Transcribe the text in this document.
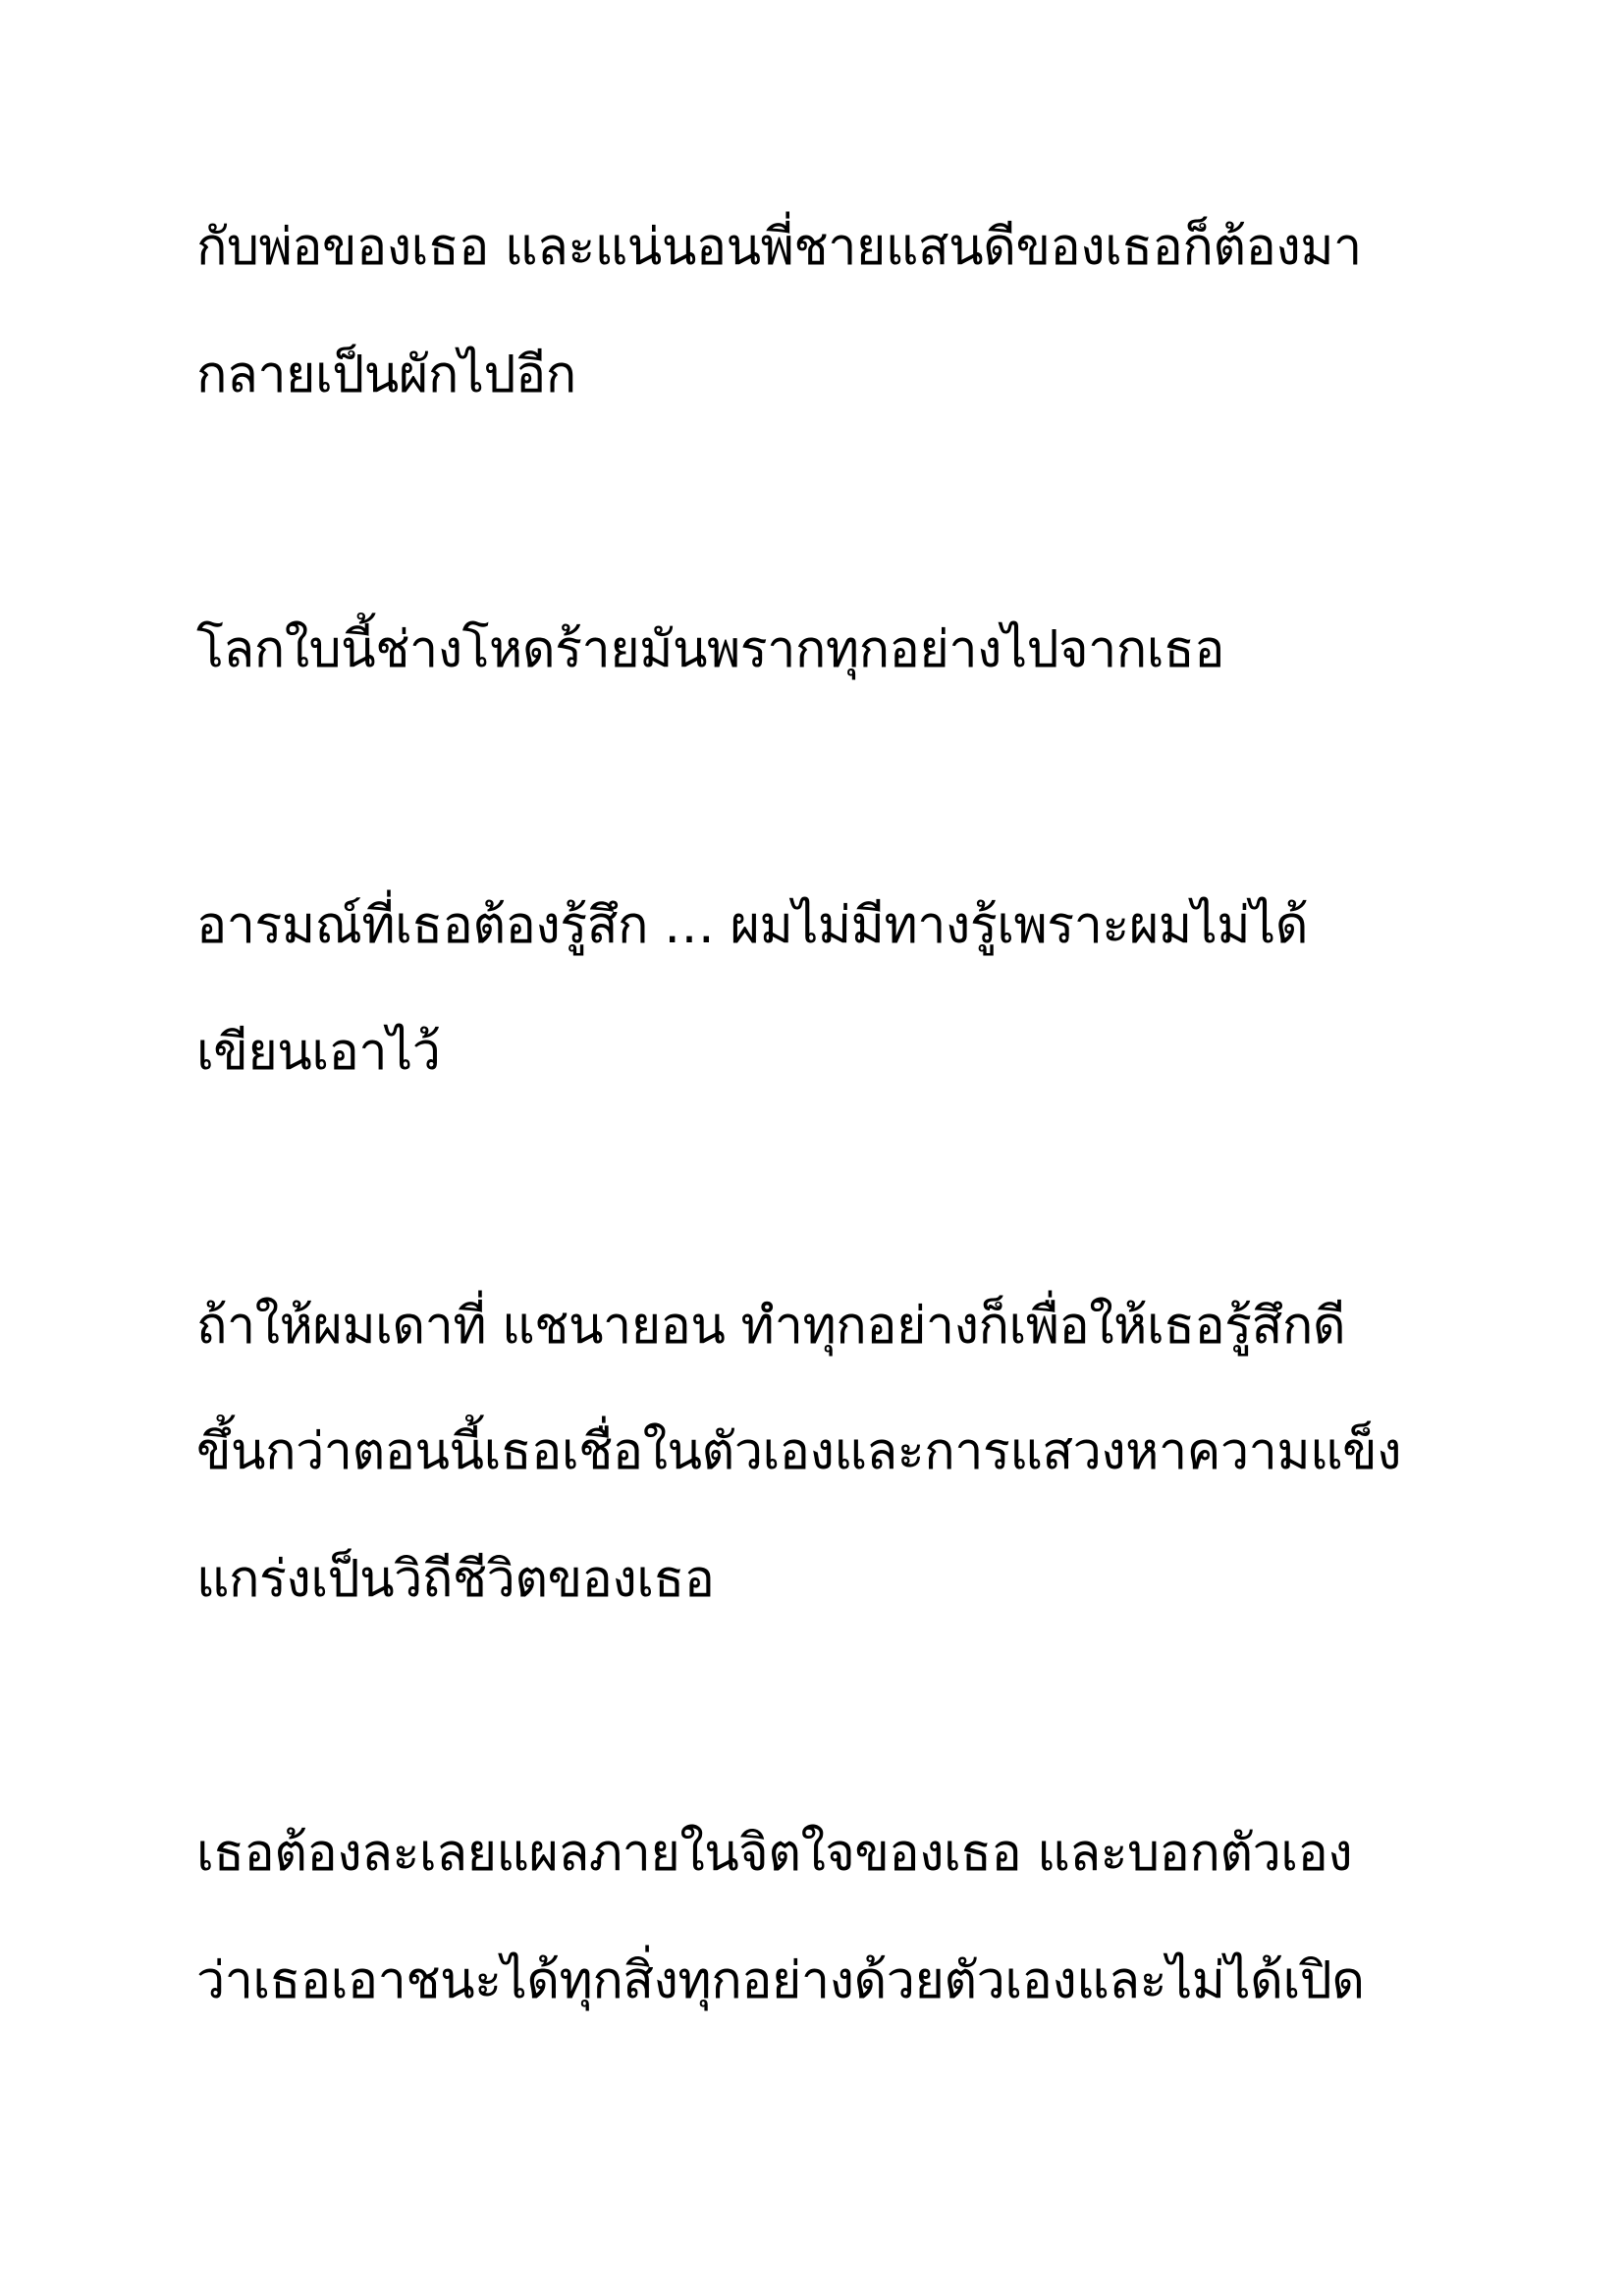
กับพ่อของเธอ และแน่นอนพี่ชายแสนดีของเธอก็ต้องมา

กลายเป็นผักไปอีก

โลกใบนี้ช่างโหดร้ายมันพรากทุกอย่างไปจากเธอ

อารมณ์ที่เธอต้องรู้สึก … ผมไม่มีทางรู้เพราะผมไม่ได้

เขียนเอาไว้

ถ้าให้ผมเดาที่ แชนายอน ทำทุกอย่างก็เพื่อให้เธอรู้สึกดี

ขึ้นกว่าตอนนี้เธอเชื่อในตัวเองและการแสวงหาความแข็ง

แกร่งเป็นวิถีชีวิตของเธอ

เธอต้องละเลยแผลภายในจิตใจของเธอ และบอกตัวเอง

ว่าเธอเอาชนะได้ทุกสิ่งทุกอย่างด้วยตัวเองและไม่ได้เปิด
